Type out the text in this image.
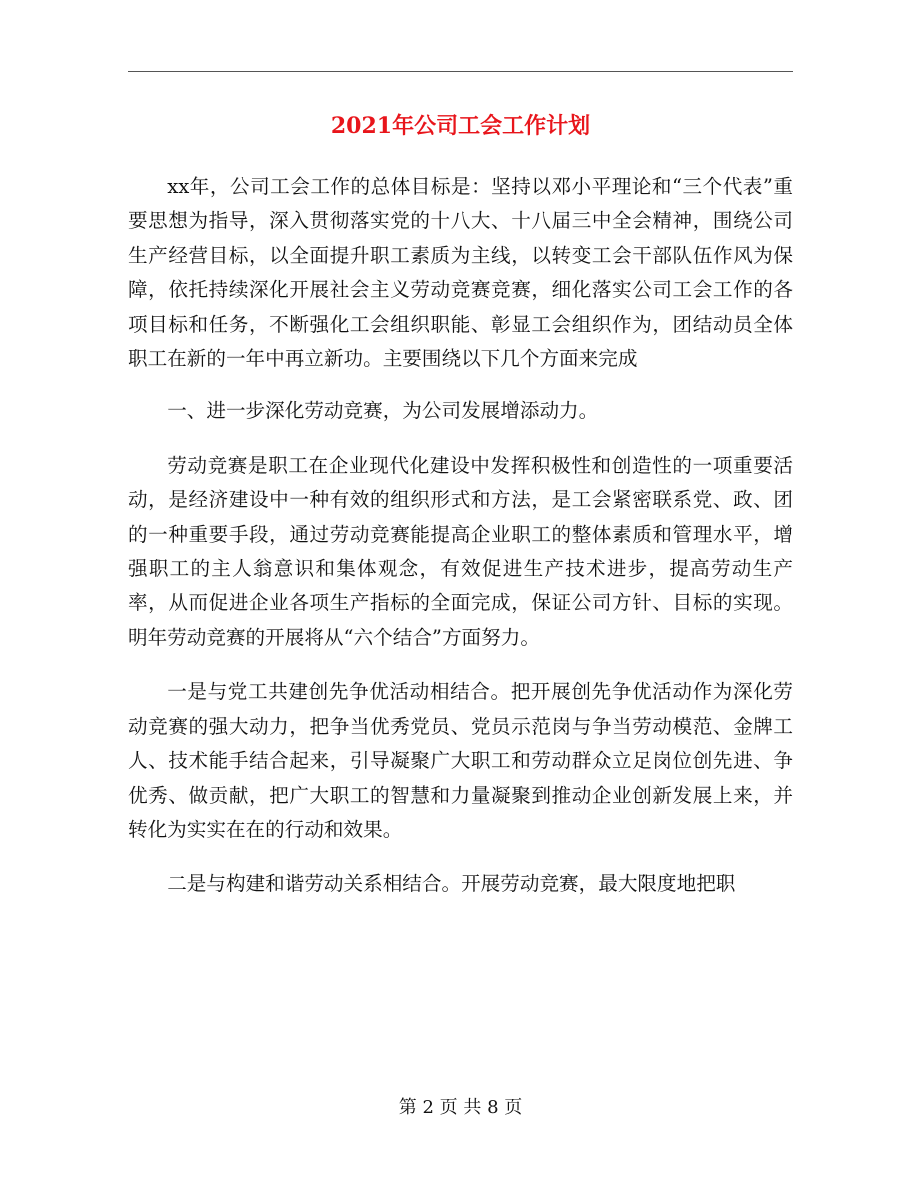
2021年公司工会工作计划

xx年，公司工会工作的总体目标是：坚持以邓小平理论和“三个代表”重要思想为指导，深入贯彻落实党的十八大、十八届三中全会精神，围绕公司生产经营目标，以全面提升职工素质为主线，以转变工会干部队伍作风为保障，依托持续深化开展社会主义劳动竞赛竞赛，细化落实公司工会工作的各项目标和任务，不断强化工会组织职能、彰显工会组织作为，团结动员全体职工在新的一年中再立新功。主要围绕以下几个方面来完成

一、进一步深化劳动竞赛，为公司发展增添动力。

劳动竞赛是职工在企业现代化建设中发挥积极性和创造性的一项重要活动，是经济建设中一种有效的组织形式和方法，是工会紧密联系党、政、团的一种重要手段，通过劳动竞赛能提高企业职工的整体素质和管理水平，增强职工的主人翁意识和集体观念，有效促进生产技术进步，提高劳动生产率，从而促进企业各项生产指标的全面完成，保证公司方针、目标的实现。明年劳动竞赛的开展将从“六个结合”方面努力。

一是与党工共建创先争优活动相结合。把开展创先争优活动作为深化劳动竞赛的强大动力，把争当优秀党员、党员示范岗与争当劳动模范、金牌工人、技术能手结合起来，引导凝聚广大职工和劳动群众立足岗位创先进、争优秀、做贡献，把广大职工的智慧和力量凝聚到推动企业创新发展上来，并转化为实实在在的行动和效果。

二是与构建和谐劳动关系相结合。开展劳动竞赛，最大限度地把职

第 2 页 共 8 页
